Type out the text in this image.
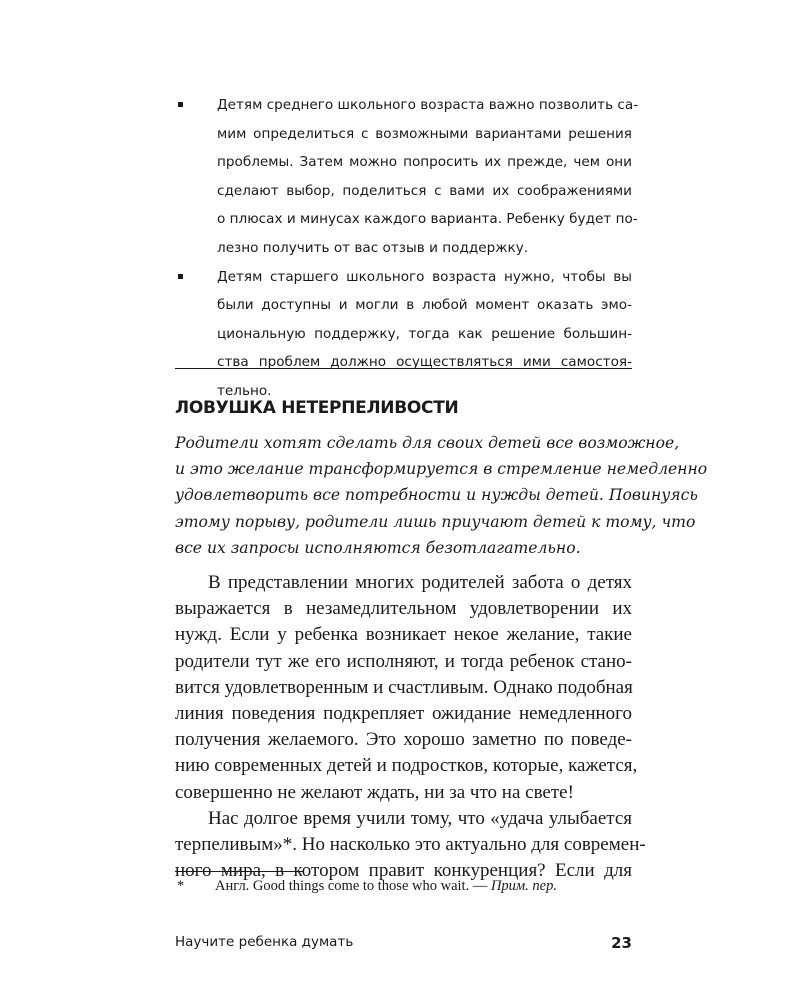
Детям среднего школьного возраста важно позволить са-
мим определиться с возможными вариантами решения
проблемы. Затем можно попросить их прежде, чем они
сделают выбор, поделиться с вами их соображениями
о плюсах и минусах каждого варианта. Ребенку будет по-
лезно получить от вас отзыв и поддержку.
Детям старшего школьного возраста нужно, чтобы вы
были доступны и могли в любой момент оказать эмо-
циональную поддержку, тогда как решение большин-
ства проблем должно осуществляться ими самостоя-
тельно.
ЛОВУШКА НЕТЕРПЕЛИВОСТИ
Родители хотят сделать для своих детей все возможное,
и это желание трансформируется в стремление немедленно
удовлетворить все потребности и нужды детей. Повинуясь
этому порыву, родители лишь приучают детей к тому, что
все их запросы исполняются безотлагательно.
В представлении многих родителей забота о детях
выражается в незамедлительном удовлетворении их
нужд. Если у ребенка возникает некое желание, такие
родители тут же его исполняют, и тогда ребенок стано-
вится удовлетворенным и счастливым. Однако подобная
линия поведения подкрепляет ожидание немедленного
получения желаемого. Это хорошо заметно по поведе-
нию современных детей и подростков, которые, кажется,
совершенно не желают ждать, ни за что на свете!
Нас долгое время учили тому, что «удача улыбается
терпеливым»*. Но насколько это актуально для современ-
ного мира, в котором правит конкуренция? Если для
* Англ. Good things come to those who wait. — Прим. пер.
Научите ребенка думать	23
